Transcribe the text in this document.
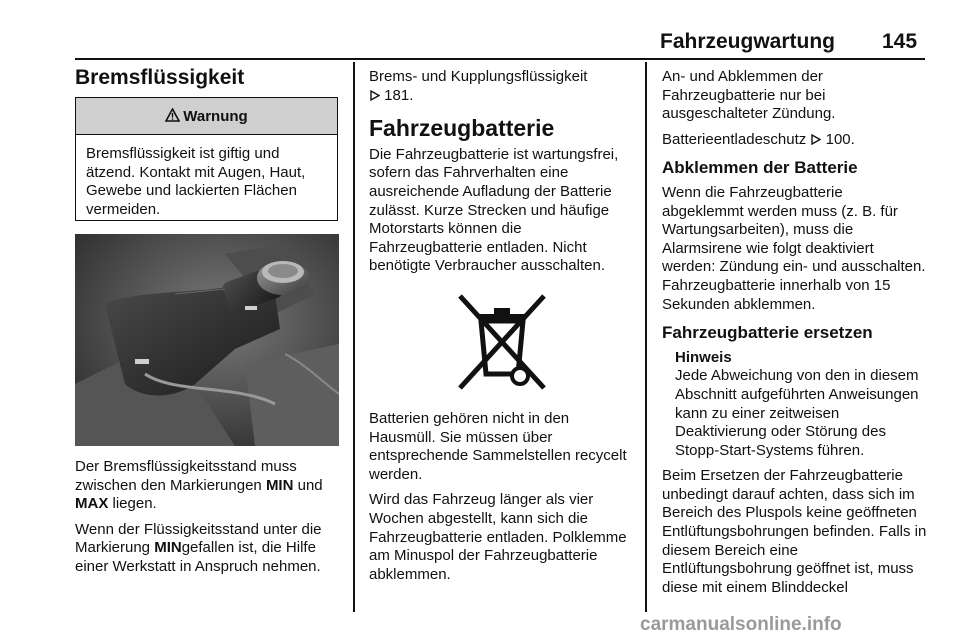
Fahrzeugwartung 145
Bremsflüssigkeit
Warnung
Bremsflüssigkeit ist giftig und ätzend. Kontakt mit Augen, Haut, Gewebe und lackierten Flächen vermeiden.

Der Bremsflüssigkeitsstand muss zwischen den Markierungen MIN und MAX liegen.

Wenn der Flüssigkeitsstand unter die Markierung MINgefallen ist, die Hilfe einer Werkstatt in Anspruch nehmen.

Brems- und Kupplungsflüssigkeit
181.

Fahrzeugbatterie

Die Fahrzeugbatterie ist wartungsfrei, sofern das Fahrverhalten eine ausreichende Aufladung der Batterie zulässt. Kurze Strecken und häufige Motorstarts können die Fahrzeugbatterie entladen. Nicht benötigte Verbraucher ausschalten.

Batterien gehören nicht in den Hausmüll. Sie müssen über entsprechende Sammelstellen recycelt werden.

Wird das Fahrzeug länger als vier Wochen abgestellt, kann sich die Fahrzeugbatterie entladen. Polklemme am Minuspol der Fahrzeugbatterie abklemmen.

An- und Abklemmen der Fahrzeugbatterie nur bei ausgeschalteter Zündung.

Batterieentladeschutz 100.

Abklemmen der Batterie

Wenn die Fahrzeugbatterie abgeklemmt werden muss (z. B. für Wartungsarbeiten), muss die Alarmsirene wie folgt deaktiviert werden: Zündung ein- und ausschalten. Fahrzeugbatterie innerhalb von 15 Sekunden abklemmen.

Fahrzeugbatterie ersetzen
Hinweis
Jede Abweichung von den in diesem Abschnitt aufgeführten Anweisungen kann zu einer zeitweisen Deaktivierung oder Störung des Stopp-Start-Systems führen.

Beim Ersetzen der Fahrzeugbatterie unbedingt darauf achten, dass sich im Bereich des Pluspols keine geöffneten Entlüftungsbohrungen befinden. Falls in diesem Bereich eine Entlüftungsbohrung geöffnet ist, muss diese mit einem Blinddeckel

carmanualsonline.info
